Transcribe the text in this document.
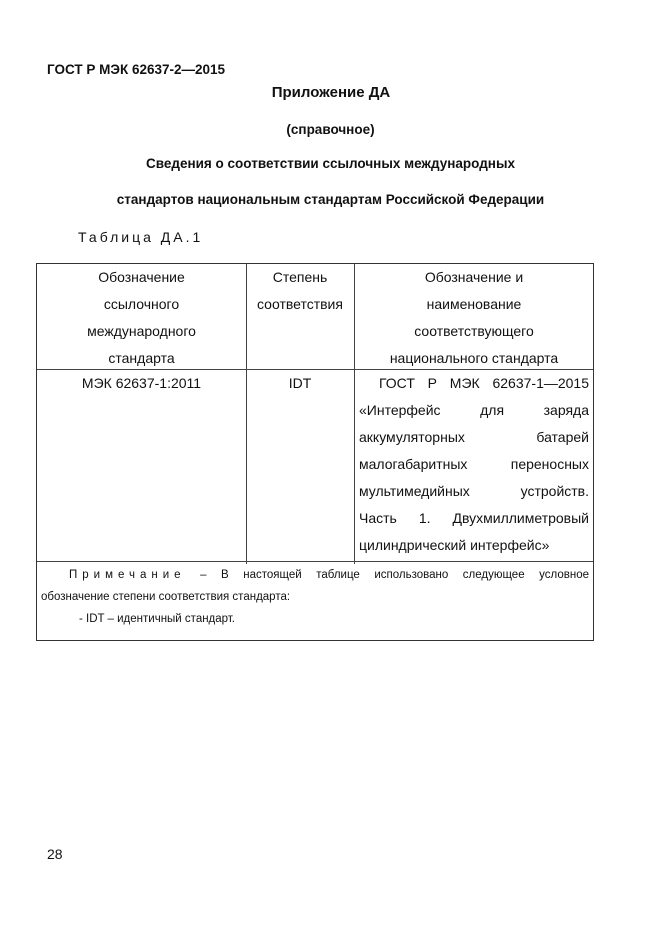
ГОСТ Р МЭК 62637-2—2015
Приложение ДА
(справочное)
Сведения о соответствии ссылочных международных
стандартов национальным стандартам Российской Федерации
Таблица ДА.1
Обозначение
ссылочного
международного
стандарта
Степень
соответствия
Обозначение и
наименование
соответствующего
национального стандарта
МЭК 62637-1:2011	IDT	ГОСТ Р МЭК 62637-1—2015
«Интерфейс для заряда
аккумуляторных батарей
малогабаритных переносных
мультимедийных устройств.
Часть 1. Двухмиллиметровый
цилиндрический интерфейс»
Примечание – В настоящей таблице использовано следующее условное
обозначение степени соответствия стандарта:
- IDT – идентичный стандарт.
28
